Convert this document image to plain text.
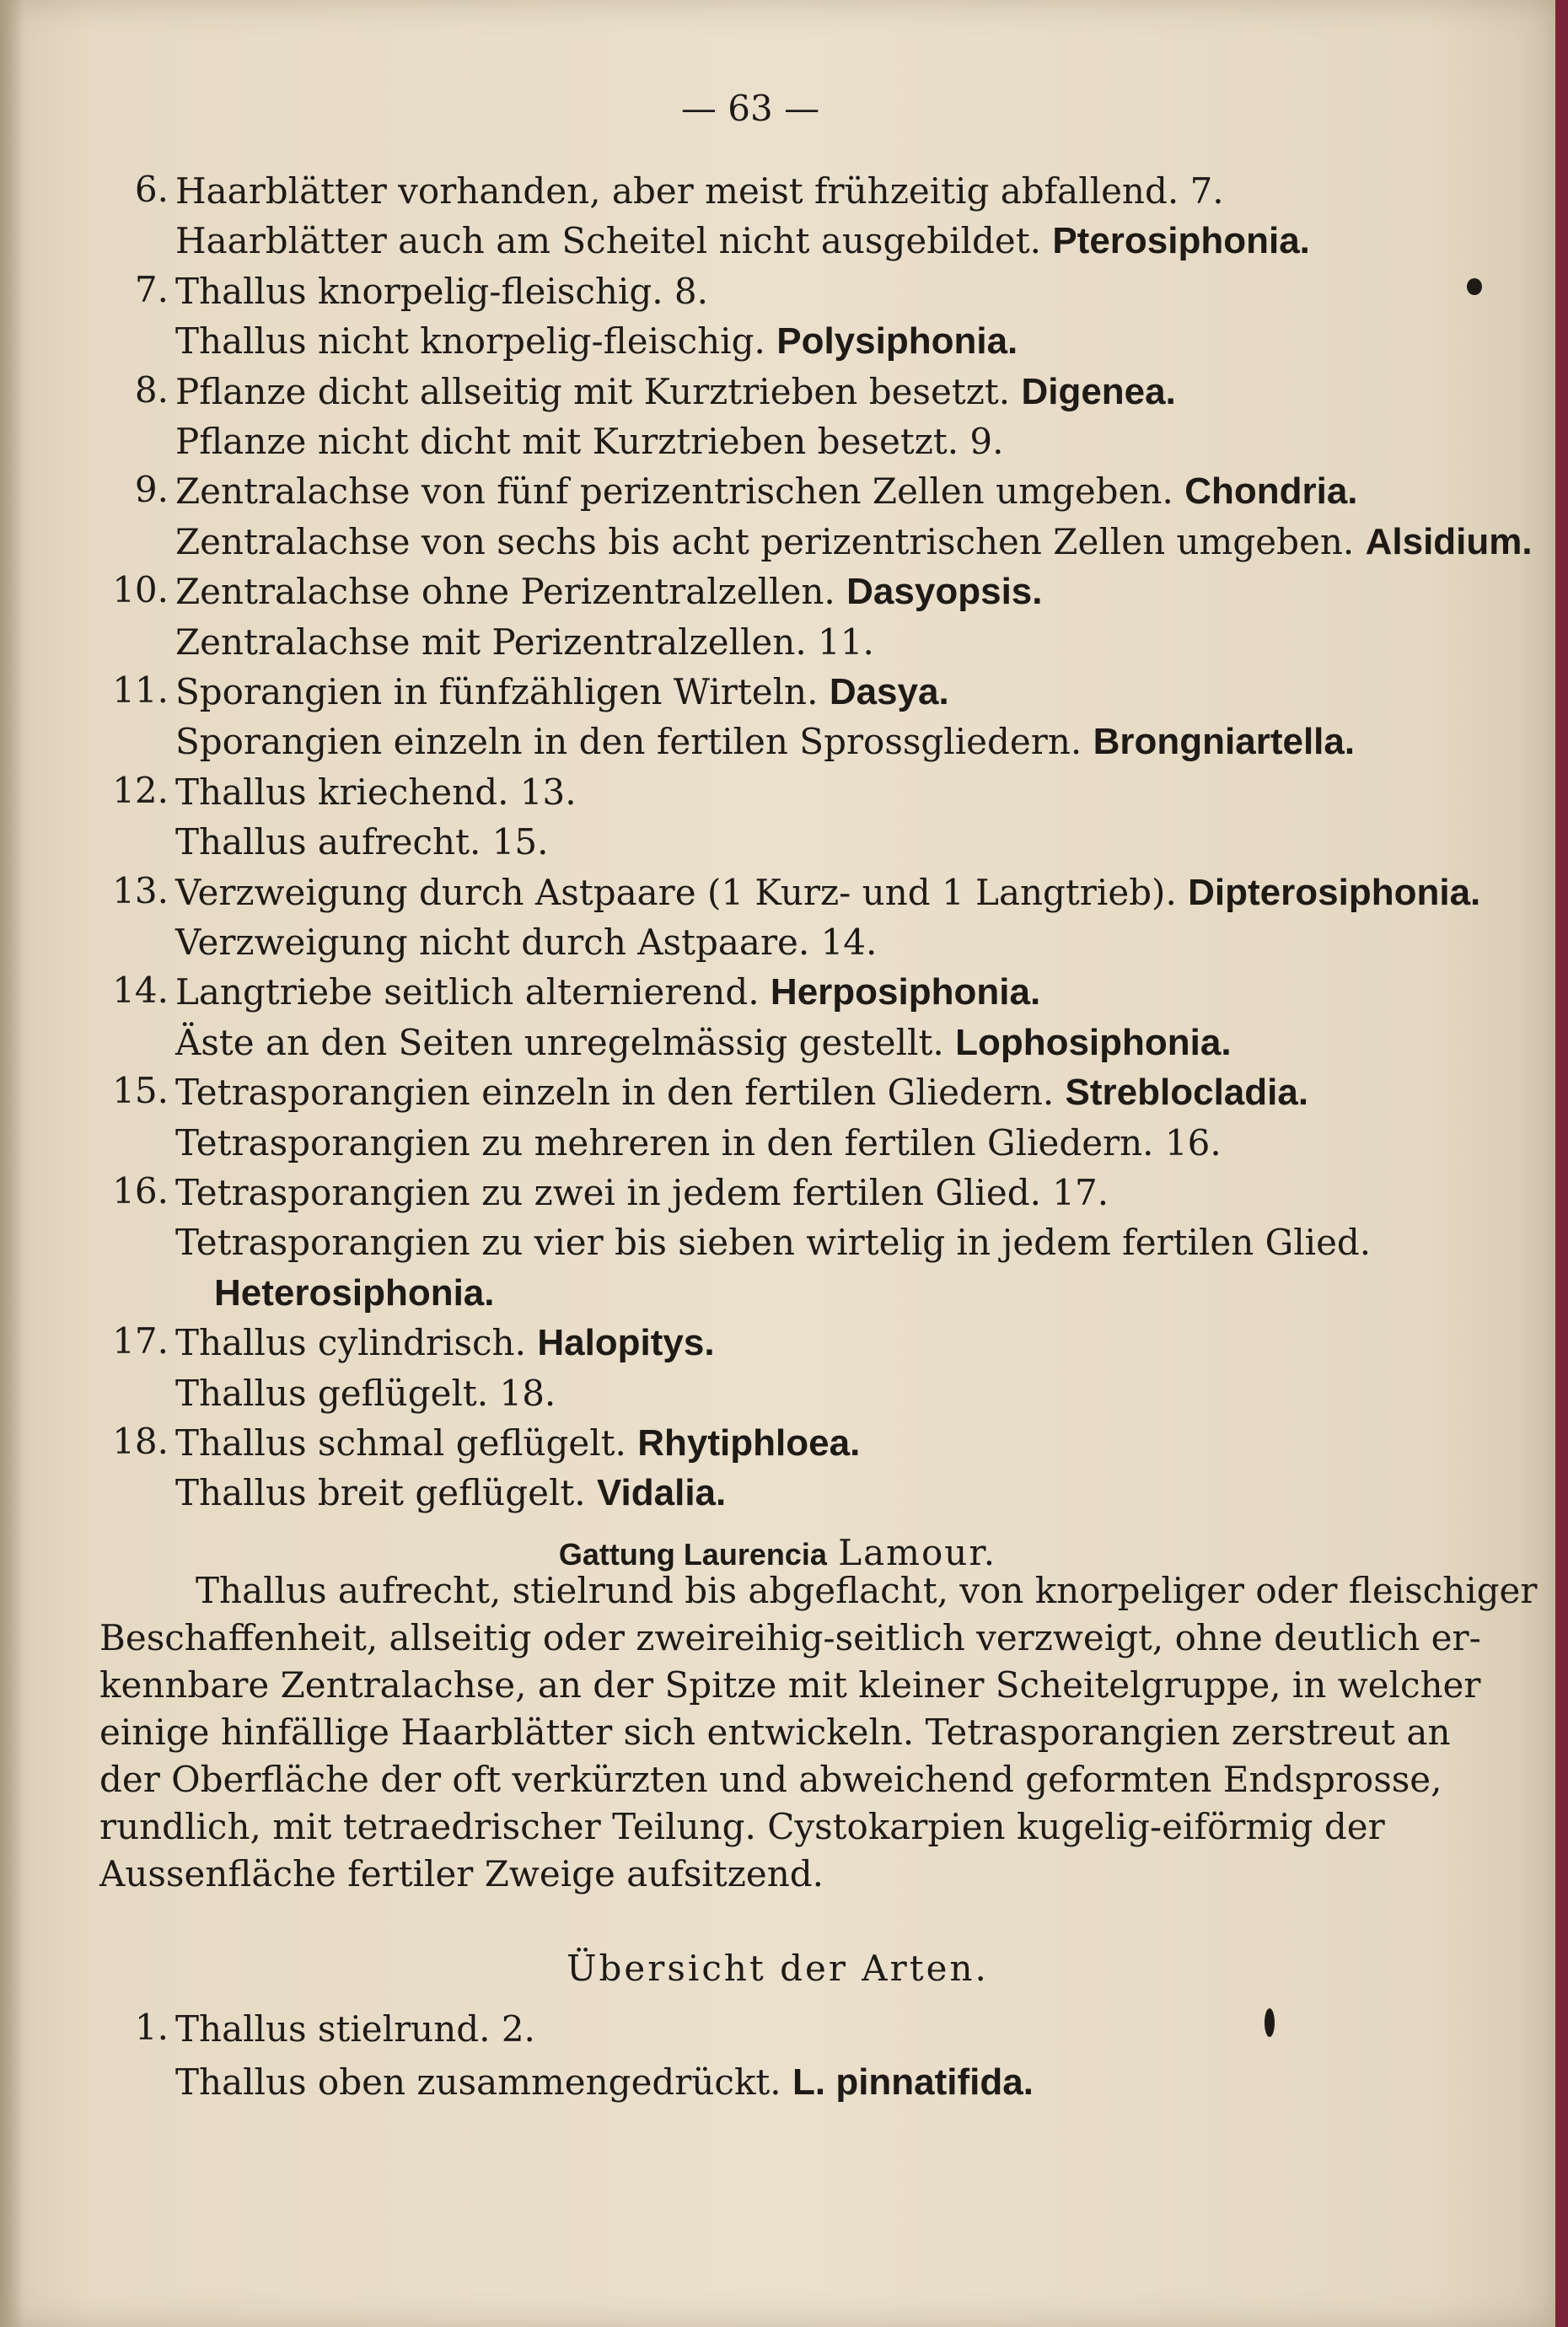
— 63 —
6. Haarblätter vorhanden, aber meist frühzeitig abfallend. 7.
Haarblätter auch am Scheitel nicht ausgebildet. Pterosiphonia.
7. Thallus knorpelig-fleischig. 8.
Thallus nicht knorpelig-fleischig. Polysiphonia.
8. Pflanze dicht allseitig mit Kurztrieben besetzt. Digenea.
Pflanze nicht dicht mit Kurztrieben besetzt. 9.
9. Zentralachse von fünf perizentrischen Zellen umgeben. Chondria.
Zentralachse von sechs bis acht perizentrischen Zellen umgeben. Alsidium.
10. Zentralachse ohne Perizentralzellen. Dasyopsis.
Zentralachse mit Perizentralzellen. 11.
11. Sporangien in fünfzähligen Wirteln. Dasya.
Sporangien einzeln in den fertilen Sprossgliedern. Brongniartella.
12. Thallus kriechend. 13.
Thallus aufrecht. 15.
13. Verzweigung durch Astpaare (1 Kurz- und 1 Langtrieb). Dipterosiphonia.
Verzweigung nicht durch Astpaare. 14.
14. Langtriebe seitlich alternierend. Herposiphonia.
Äste an den Seiten unregelmässig gestellt. Lophosiphonia.
15. Tetrasporangien einzeln in den fertilen Gliedern. Streblocladia.
Tetrasporangien zu mehreren in den fertilen Gliedern. 16.
16. Tetrasporangien zu zwei in jedem fertilen Glied. 17.
Tetrasporangien zu vier bis sieben wirtelig in jedem fertilen Glied.
Heterosiphonia.
17. Thallus cylindrisch. Halopitys.
Thallus geflügelt. 18.
18. Thallus schmal geflügelt. Rhytiphloea.
Thallus breit geflügelt. Vidalia.
Gattung Laurencia Lamour.
Thallus aufrecht, stielrund bis abgeflacht, von knorpeliger oder fleischiger
Beschaffenheit, allseitig oder zweireihig-seitlich verzweigt, ohne deutlich er-
kennbare Zentralachse, an der Spitze mit kleiner Scheitelgruppe, in welcher
einige hinfällige Haarblätter sich entwickeln. Tetrasporangien zerstreut an
der Oberfläche der oft verkürzten und abweichend geformten Endsprosse,
rundlich, mit tetraedrischer Teilung. Cystokarpien kugelig-eiförmig der
Aussenfläche fertiler Zweige aufsitzend.
Übersicht der Arten.
1. Thallus stielrund. 2.
Thallus oben zusammengedrückt. L. pinnatifida.
